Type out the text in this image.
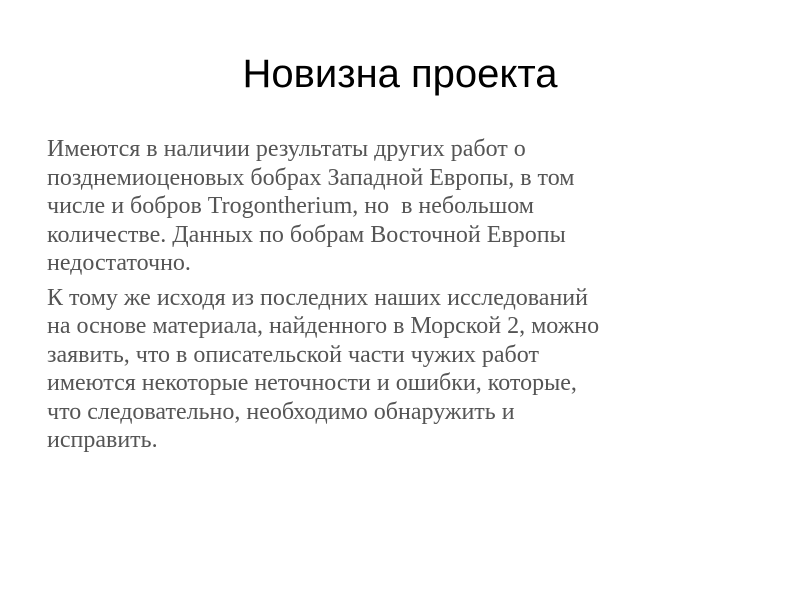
Новизна проекта

Имеются в наличии результаты других работ о
позднемиоценовых бобрах Западной Европы, в том
числе и бобров Trogontherium, но  в небольшом
количестве. Данных по бобрам Восточной Европы
недостаточно.

К тому же исходя из последних наших исследований
на основе материала, найденного в Морской 2, можно
заявить, что в описательской части чужих работ
имеются некоторые неточности и ошибки, которые,
что следовательно, необходимо обнаружить и
исправить.
